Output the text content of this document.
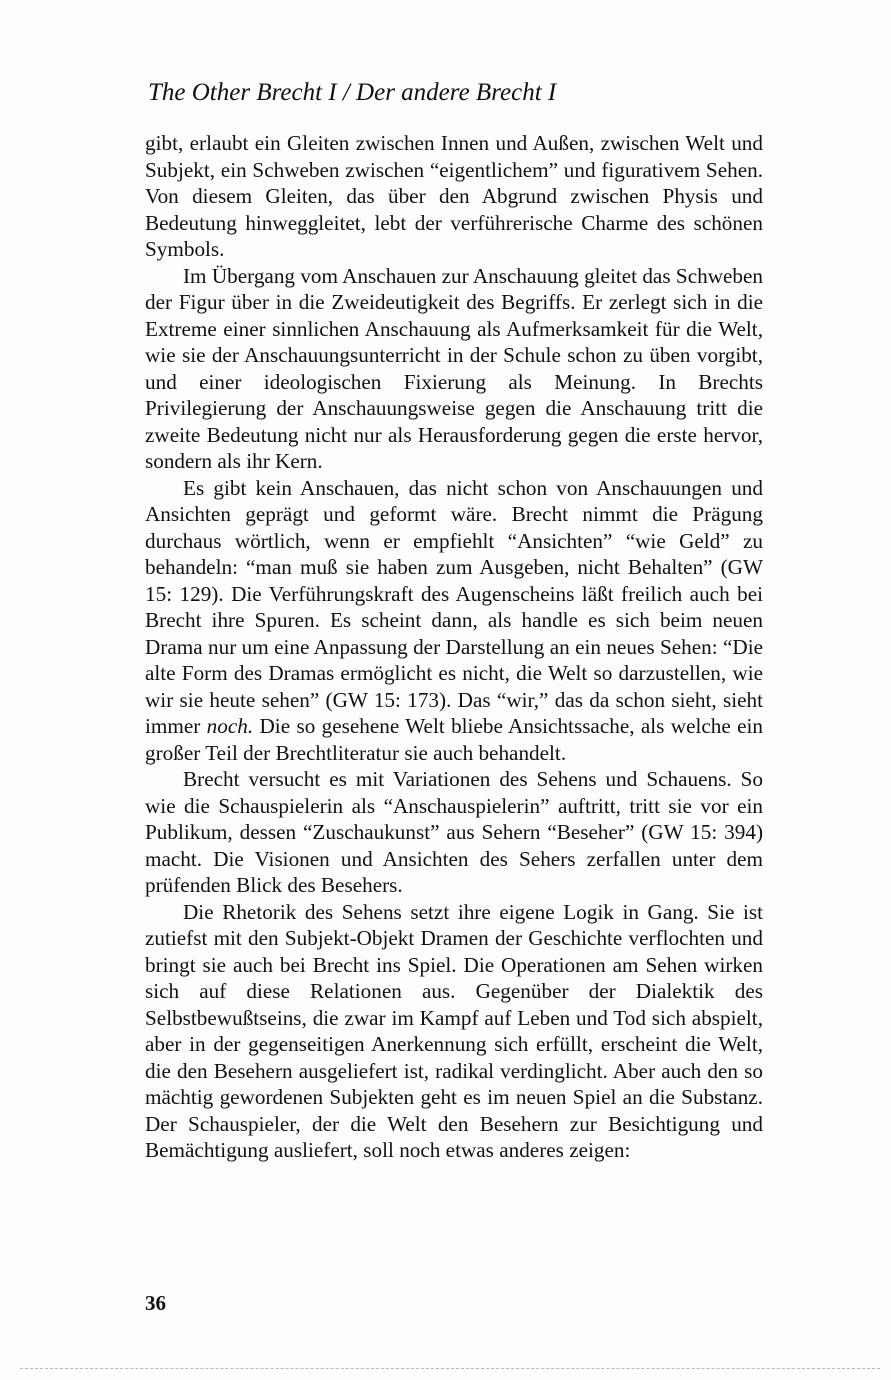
The Other Brecht I / Der andere Brecht I

gibt, erlaubt ein Gleiten zwischen Innen und Außen, zwischen Welt und Subjekt, ein Schweben zwischen “eigentlichem” und figurativem Sehen. Von diesem Gleiten, das über den Abgrund zwischen Physis und Bedeutung hinweggleitet, lebt der verführerische Charme des schönen Symbols.

Im Übergang vom Anschauen zur Anschauung gleitet das Schweben der Figur über in die Zweideutigkeit des Begriffs. Er zerlegt sich in die Extreme einer sinnlichen Anschauung als Aufmerksamkeit für die Welt, wie sie der Anschauungsunterricht in der Schule schon zu üben vorgibt, und einer ideologischen Fixierung als Meinung. In Brechts Privilegierung der Anschauungsweise gegen die Anschauung tritt die zweite Bedeutung nicht nur als Herausforderung gegen die erste hervor, sondern als ihr Kern.

Es gibt kein Anschauen, das nicht schon von Anschauungen und Ansichten geprägt und geformt wäre. Brecht nimmt die Prägung durchaus wörtlich, wenn er empfiehlt “Ansichten” “wie Geld” zu behandeln: “man muß sie haben zum Ausgeben, nicht Behalten” (GW 15: 129). Die Verführungskraft des Augenscheins läßt freilich auch bei Brecht ihre Spuren. Es scheint dann, als handle es sich beim neuen Drama nur um eine Anpassung der Darstellung an ein neues Sehen: “Die alte Form des Dramas ermöglicht es nicht, die Welt so darzustellen, wie wir sie heute sehen” (GW 15: 173). Das “wir,” das da schon sieht, sieht immer noch. Die so gesehene Welt bliebe Ansichtssache, als welche ein großer Teil der Brechtliteratur sie auch behandelt.

Brecht versucht es mit Variationen des Sehens und Schauens. So wie die Schauspielerin als “Anschauspielerin” auftritt, tritt sie vor ein Publikum, dessen “Zuschaukunst” aus Sehern “Beseher” (GW 15: 394) macht. Die Visionen und Ansichten des Sehers zerfallen unter dem prüfenden Blick des Besehers.

Die Rhetorik des Sehens setzt ihre eigene Logik in Gang. Sie ist zutiefst mit den Subjekt-Objekt Dramen der Geschichte verflochten und bringt sie auch bei Brecht ins Spiel. Die Operationen am Sehen wirken sich auf diese Relationen aus. Gegenüber der Dialektik des Selbstbewußtseins, die zwar im Kampf auf Leben und Tod sich abspielt, aber in der gegenseitigen Anerkennung sich erfüllt, erscheint die Welt, die den Besehern ausgeliefert ist, radikal verdinglicht. Aber auch den so mächtig gewordenen Subjekten geht es im neuen Spiel an die Substanz. Der Schauspieler, der die Welt den Besehern zur Besichtigung und Bemächtigung ausliefert, soll noch etwas anderes zeigen:

36
